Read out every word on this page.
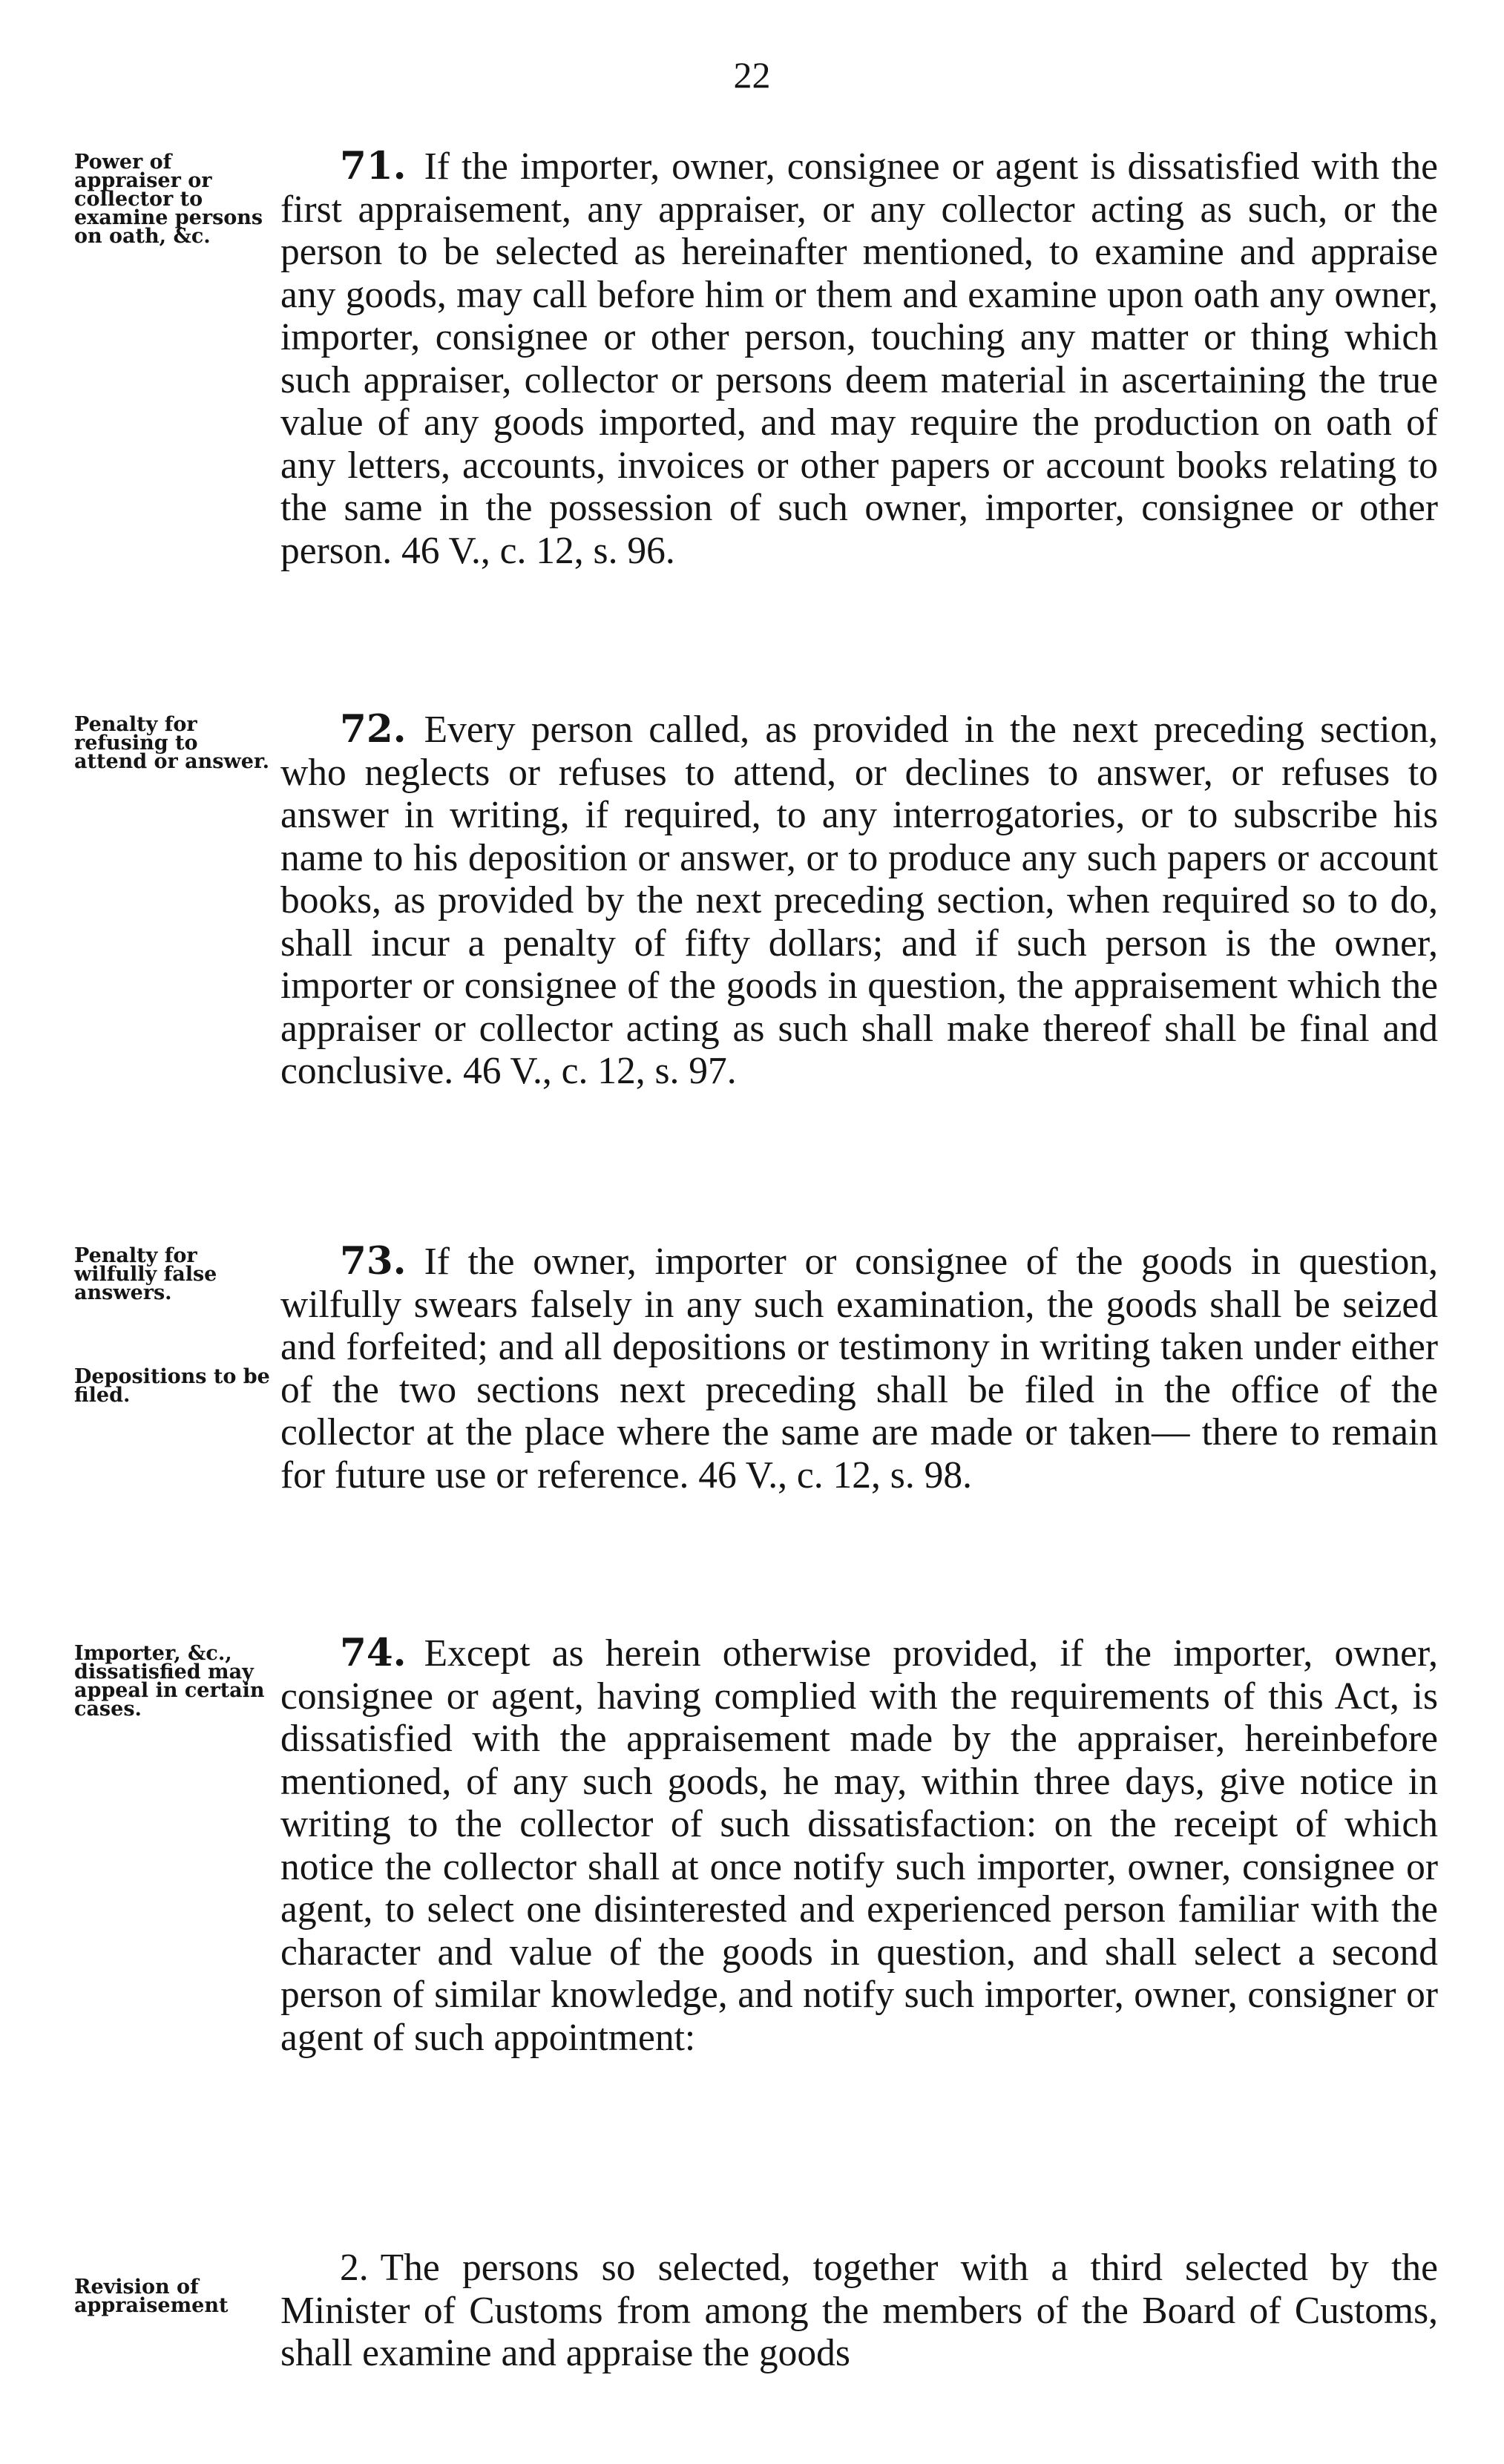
22
Power of appraiser or collector to examine persons on oath, &c.

71. If the importer, owner, consignee or agent is dissatisfied with the first appraisement, any appraiser, or any collector acting as such, or the person to be selected as hereinafter mentioned, to examine and appraise any goods, may call before him or them and examine upon oath any owner, importer, consignee or other person, touching any matter or thing which such appraiser, collector or persons deem material in ascertaining the true value of any goods imported, and may require the production on oath of any letters, accounts, invoices or other papers or account books relating to the same in the possession of such owner, importer, consignee or other person. 46 V., c. 12, s. 96.

Penalty for refusing to attend or answer.

72. Every person called, as provided in the next preceding section, who neglects or refuses to attend, or declines to answer, or refuses to answer in writing, if required, to any interrogatories, or to subscribe his name to his deposition or answer, or to produce any such papers or account books, as provided by the next preceding section, when required so to do, shall incur a penalty of fifty dollars; and if such person is the owner, importer or consignee of the goods in question, the appraisement which the appraiser or collector acting as such shall make thereof shall be final and conclusive. 46 V., c. 12, s. 97.

Penalty for wilfully false answers.
Depositions to be filed.

73. If the owner, importer or consignee of the goods in question, wilfully swears falsely in any such examination, the goods shall be seized and forfeited; and all depositions or testimony in writing taken under either of the two sections next preceding shall be filed in the office of the collector at the place where the same are made or taken— there to remain for future use or reference. 46 V., c. 12, s. 98.

Importer, &c., dissatisfied may appeal in certain cases.

74. Except as herein otherwise provided, if the importer, owner, consignee or agent, having complied with the requirements of this Act, is dissatisfied with the appraisement made by the appraiser, hereinbefore mentioned, of any such goods, he may, within three days, give notice in writing to the collector of such dissatisfaction: on the receipt of which notice the collector shall at once notify such importer, owner, consignee or agent, to select one disinterested and experienced person familiar with the character and value of the goods in question, and shall select a second person of similar knowledge, and notify such importer, owner, consigner or agent of such appointment:

Revision of appraisement

2. The persons so selected, together with a third selected by the Minister of Customs from among the members of the Board of Customs, shall examine and appraise the goods
